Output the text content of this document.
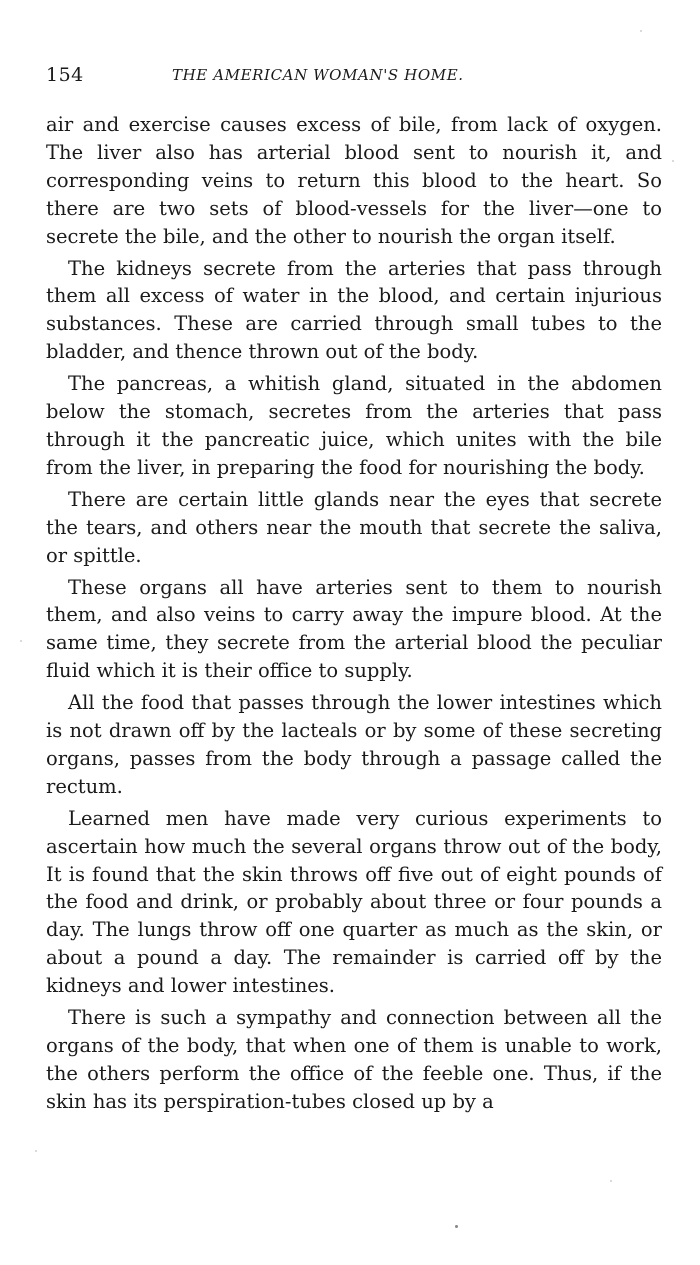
154	THE AMERICAN WOMAN'S HOME.

air and exercise causes excess of bile, from lack of oxygen. The liver also has arterial blood sent to nourish it, and corresponding veins to return this blood to the heart. So there are two sets of blood-vessels for the liver—one to secrete the bile, and the other to nourish the organ itself.

The kidneys secrete from the arteries that pass through them all excess of water in the blood, and certain injurious substances. These are carried through small tubes to the bladder, and thence thrown out of the body.

The pancreas, a whitish gland, situated in the abdomen below the stomach, secretes from the arteries that pass through it the pancreatic juice, which unites with the bile from the liver, in preparing the food for nourishing the body.

There are certain little glands near the eyes that secrete the tears, and others near the mouth that secrete the saliva, or spittle.

These organs all have arteries sent to them to nourish them, and also veins to carry away the impure blood. At the same time, they secrete from the arterial blood the peculiar fluid which it is their office to supply.

All the food that passes through the lower intestines which is not drawn off by the lacteals or by some of these secreting organs, passes from the body through a passage called the rectum.

Learned men have made very curious experiments to ascertain how much the several organs throw out of the body, It is found that the skin throws off five out of eight pounds of the food and drink, or probably about three or four pounds a day. The lungs throw off one quarter as much as the skin, or about a pound a day. The remainder is carried off by the kidneys and lower intestines.

There is such a sympathy and connection between all the organs of the body, that when one of them is unable to work, the others perform the office of the feeble one. Thus, if the skin has its perspiration-tubes closed up by a
